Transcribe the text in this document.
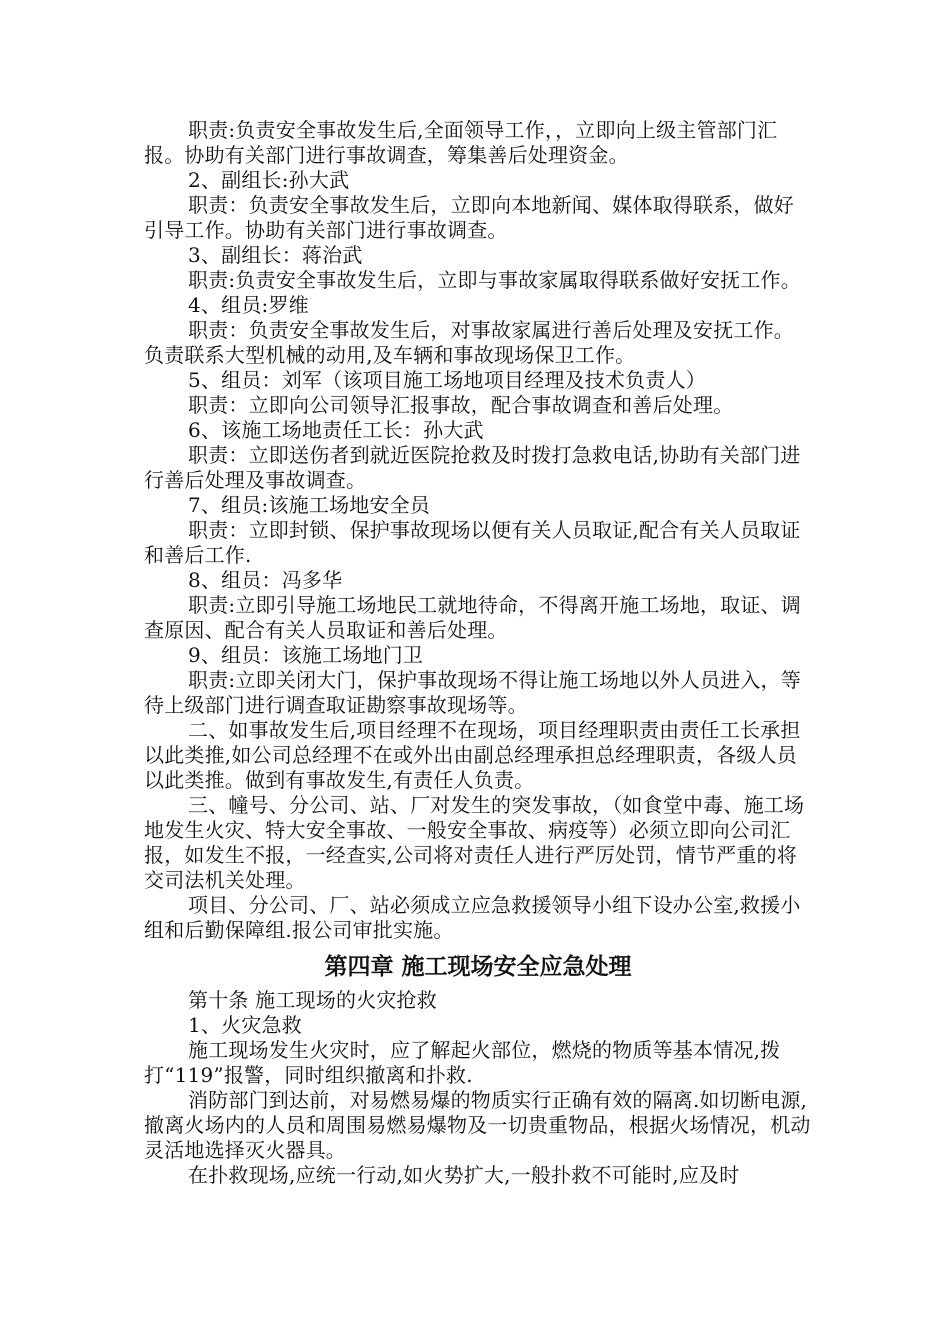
职责:负责安全事故发生后,全面领导工作，，立即向上级主管部门汇报。协助有关部门进行事故调查，筹集善后处理资金。

2、副组长:孙大武

职责：负责安全事故发生后，立即向本地新闻、媒体取得联系，做好引导工作。协助有关部门进行事故调查。

3、副组长：蒋治武

职责:负责安全事故发生后，立即与事故家属取得联系做好安抚工作。

4、组员:罗维

职责：负责安全事故发生后，对事故家属进行善后处理及安抚工作。负责联系大型机械的动用,及车辆和事故现场保卫工作。

5、组员：刘军（该项目施工场地项目经理及技术负责人）

职责：立即向公司领导汇报事故，配合事故调查和善后处理。

6、该施工场地责任工长：孙大武

职责：立即送伤者到就近医院抢救及时拨打急救电话,协助有关部门进行善后处理及事故调查。

7、组员:该施工场地安全员

职责：立即封锁、保护事故现场以便有关人员取证,配合有关人员取证和善后工作.

8、组员：冯多华

职责:立即引导施工场地民工就地待命，不得离开施工场地，取证、调查原因、配合有关人员取证和善后处理。

9、组员：该施工场地门卫

职责:立即关闭大门，保护事故现场不得让施工场地以外人员进入，等待上级部门进行调查取证勘察事故现场等。

二、如事故发生后,项目经理不在现场，项目经理职责由责任工长承担以此类推,如公司总经理不在或外出由副总经理承担总经理职责，各级人员以此类推。做到有事故发生,有责任人负责。

三、幢号、分公司、站、厂对发生的突发事故，（如食堂中毒、施工场地发生火灾、特大安全事故、一般安全事故、病疫等）必须立即向公司汇报，如发生不报，一经查实,公司将对责任人进行严厉处罚，情节严重的将交司法机关处理。

项目、分公司、厂、站必须成立应急救援领导小组下设办公室,救援小组和后勤保障组.报公司审批实施。

第四章 施工现场安全应急处理

第十条 施工现场的火灾抢救

1、火灾急救

施工现场发生火灾时，应了解起火部位，燃烧的物质等基本情况,拨打“119”报警，同时组织撤离和扑救.

消防部门到达前，对易燃易爆的物质实行正确有效的隔离.如切断电源,撤离火场内的人员和周围易燃易爆物及一切贵重物品，根据火场情况，机动灵活地选择灭火器具。

在扑救现场,应统一行动,如火势扩大,一般扑救不可能时,应及时
